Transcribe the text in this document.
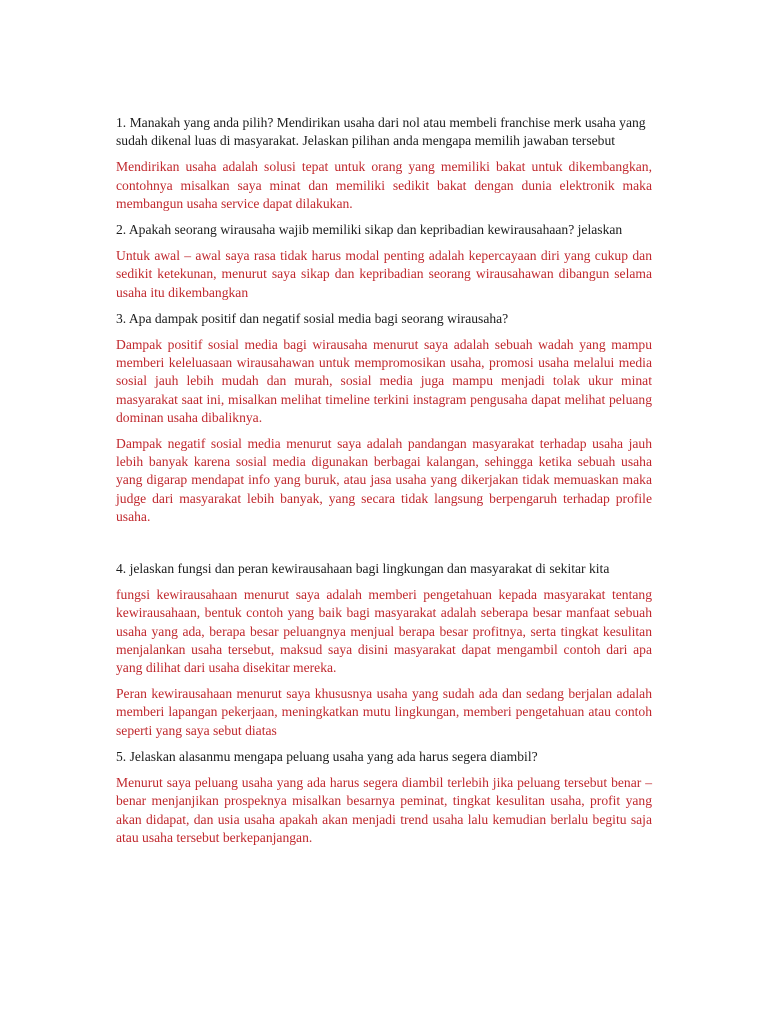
1. Manakah yang anda pilih? Mendirikan usaha dari nol atau membeli franchise merk usaha yang sudah dikenal luas di masyarakat. Jelaskan pilihan anda mengapa memilih jawaban tersebut

Mendirikan usaha adalah solusi tepat untuk orang yang memiliki bakat untuk dikembangkan, contohnya misalkan saya minat dan memiliki sedikit bakat dengan dunia elektronik maka membangun usaha service dapat dilakukan.

2. Apakah seorang wirausaha wajib memiliki sikap dan kepribadian kewirausahaan? jelaskan

Untuk awal – awal saya rasa tidak harus modal penting adalah kepercayaan diri yang cukup dan sedikit ketekunan, menurut saya sikap dan kepribadian seorang wirausahawan dibangun selama usaha itu dikembangkan

3. Apa dampak positif dan negatif sosial media bagi seorang wirausaha?

Dampak positif sosial media bagi wirausaha menurut saya adalah sebuah wadah yang mampu memberi keleluasaan wirausahawan untuk mempromosikan usaha, promosi usaha melalui media sosial jauh lebih mudah dan murah, sosial media juga mampu menjadi tolak ukur minat masyarakat saat ini, misalkan melihat timeline terkini instagram pengusaha dapat melihat peluang dominan usaha dibaliknya.

Dampak negatif sosial media menurut saya adalah pandangan masyarakat terhadap usaha jauh lebih banyak karena sosial media digunakan berbagai kalangan, sehingga ketika sebuah usaha yang digarap mendapat info yang buruk, atau jasa usaha yang dikerjakan tidak memuaskan maka judge dari masyarakat lebih banyak, yang secara tidak langsung berpengaruh terhadap profile usaha.

4. jelaskan fungsi dan peran kewirausahaan bagi lingkungan dan masyarakat di sekitar kita

fungsi kewirausahaan menurut saya adalah memberi pengetahuan kepada masyarakat tentang kewirausahaan, bentuk contoh yang baik bagi masyarakat adalah seberapa besar manfaat sebuah usaha yang ada, berapa besar peluangnya menjual berapa besar profitnya, serta tingkat kesulitan menjalankan usaha tersebut, maksud saya disini masyarakat dapat mengambil contoh dari apa yang dilihat dari usaha disekitar mereka.

Peran kewirausahaan menurut saya khususnya usaha yang sudah ada dan sedang berjalan adalah memberi lapangan pekerjaan, meningkatkan mutu lingkungan, memberi pengetahuan atau contoh seperti yang saya sebut diatas

5. Jelaskan alasanmu mengapa peluang usaha yang ada harus segera diambil?

Menurut saya peluang usaha yang ada harus segera diambil terlebih jika peluang tersebut benar – benar menjanjikan prospeknya misalkan besarnya peminat, tingkat kesulitan usaha, profit yang akan didapat, dan usia usaha apakah akan menjadi trend usaha lalu kemudian berlalu begitu saja atau usaha tersebut berkepanjangan.
